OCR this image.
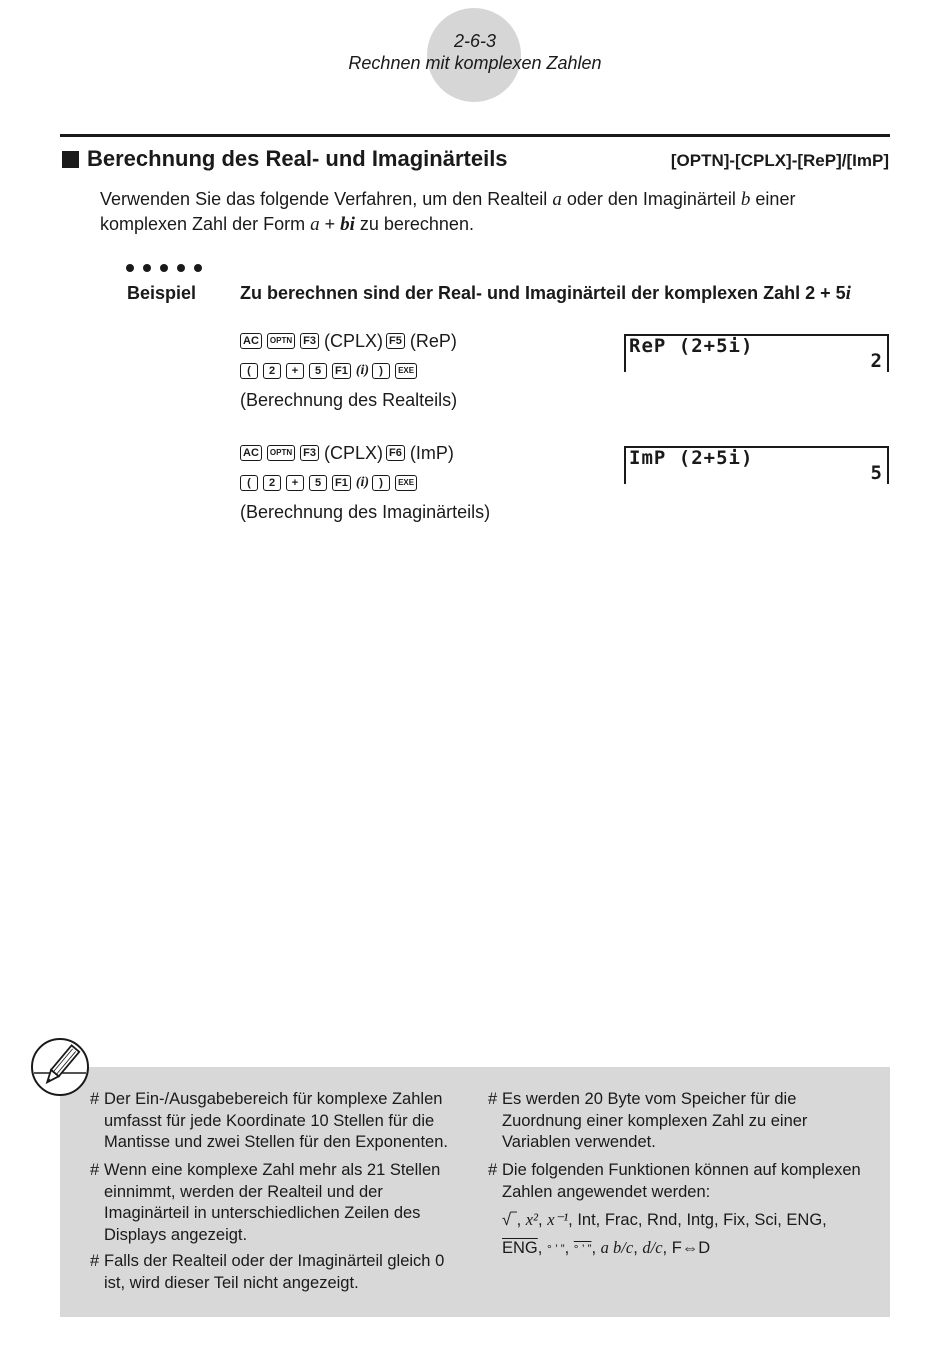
2-6-3
Rechnen mit komplexen Zahlen
Berechnung des Real- und Imaginärteils	[OPTN]-[CPLX]-[ReP]/[ImP]
Verwenden Sie das folgende Verfahren, um den Realteil a oder den Imaginärteil b einer komplexen Zahl der Form a + bi zu berechnen.
Beispiel Zu berechnen sind der Real- und Imaginärteil der komplexen Zahl 2 + 5i
AC	OPTN F3 (CPLX) F5 (ReP)
(	2	+	5	F1 (i) )	EXE
(Berechnung des Realteils)
ReP (2+5i)
2
AC	OPTN F3 (CPLX) F6 (ImP)
(	2	+	5	F1 (i) )	EXE
(Berechnung des Imaginärteils)
ImP (2+5i)
5
# Der Ein-/Ausgabebereich für komplexe Zahlen umfasst für jede Koordinate 10 Stellen für die Mantisse und zwei Stellen für den Exponenten.
# Wenn eine komplexe Zahl mehr als 21 Stellen einnimmt, werden der Realteil und der Imaginärteil in unterschiedlichen Zeilen des Displays angezeigt.
# Falls der Realteil oder der Imaginärteil gleich 0 ist, wird dieser Teil nicht angezeigt.
# Es werden 20 Byte vom Speicher für die Zuordnung einer komplexen Zahl zu einer Variablen verwendet.
# Die folgenden Funktionen können auf komplexen Zahlen angewendet werden:
√‾, x², x⁻¹, Int, Frac, Rnd, Intg, Fix, Sci, ENG,
$\overline{ENG}$, ° ’ ”, ° ’ ”, a b/c, d/c, F⇔D
